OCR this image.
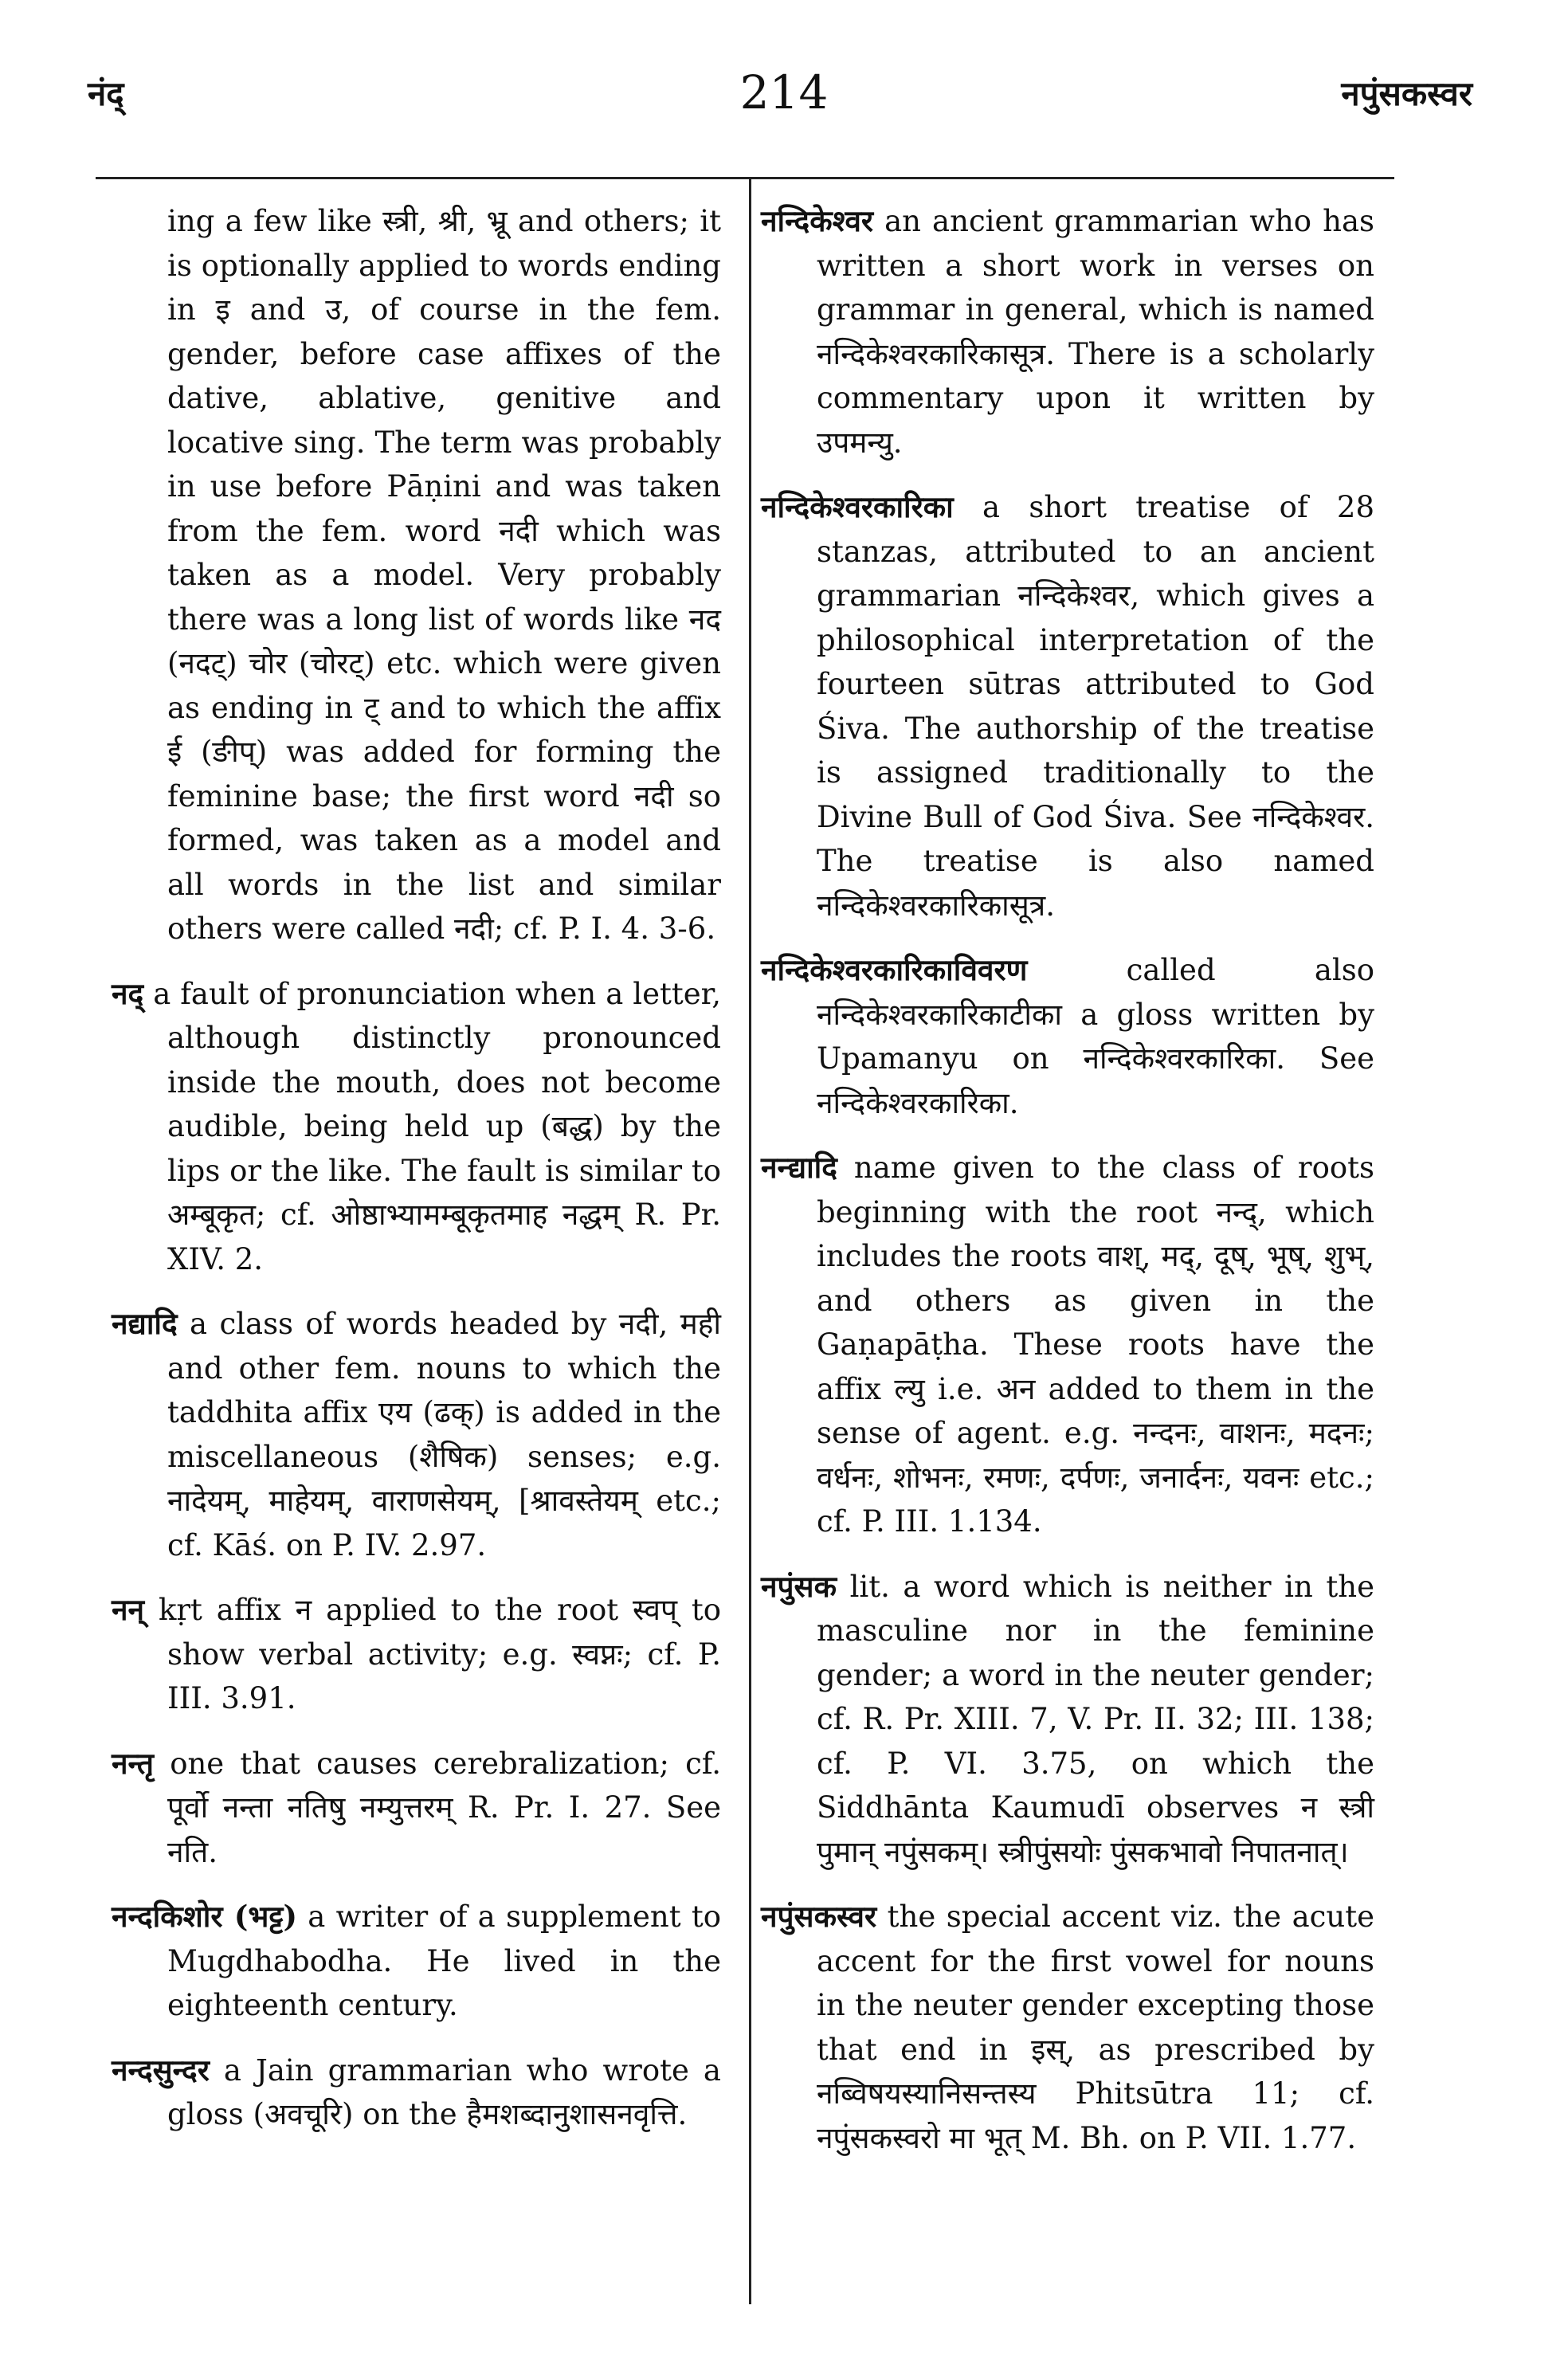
नंद्	214	नपुंसकस्वर

ing a few like स्त्री, श्री, भ्रू and others; it is optionally applied to words ending in इ and उ, of course in the fem. gender, before case affixes of the dative, ablative, genitive and locative sing. The term was probably in use before Pāṇini and was taken from the fem. word नदी which was taken as a model. Very probably there was a long list of words like नद (नदट्) चोर (चोरट्) etc. which were given as ending in ट् and to which the affix ई (ङीप्) was added for forming the feminine base; the first word नदी so formed, was taken as a model and all words in the list and similar others were called नदी; cf. P. I. 4. 3-6.

नद् a fault of pronunciation when a letter, although distinctly pronounced inside the mouth, does not become audible, being held up (बद्ध) by the lips or the like. The fault is similar to अम्बूकृत; cf. ओष्ठाभ्यामम्बूकृतमाह नद्धम् R. Pr. XIV. 2.

नद्यादि a class of words headed by नदी, मही and other fem. nouns to which the taddhita affix एय (ढक्) is added in the miscellaneous (शैषिक) senses; e.g. नादेयम्, माहेयम्, वाराणसेयम्, [श्रावस्तेयम् etc.; cf. Kāś. on P. IV. 2.97.

नन् kṛt affix न applied to the root स्वप् to show verbal activity; e.g. स्वप्नः; cf. P. III. 3.91.

नन्तृ one that causes cerebralization; cf. पूर्वो नन्ता नतिषु नम्युत्तरम् R. Pr. I. 27. See नति.

नन्दकिशोर (भट्ट) a writer of a supplement to Mugdhabodha. He lived in the eighteenth century.

नन्दसुन्दर a Jain grammarian who wrote a gloss (अवचूरि) on the हैमशब्दानुशासनवृत्ति.

नन्दिकेश्वर an ancient grammarian who has written a short work in verses on grammar in general, which is named नन्दिकेश्वरकारिकासूत्र. There is a scholarly commentary upon it written by उपमन्यु.

नन्दिकेश्वरकारिका a short treatise of 28 stanzas, attributed to an ancient grammarian नन्दिकेश्वर, which gives a philosophical interpretation of the fourteen sūtras attributed to God Śiva. The authorship of the treatise is assigned traditionally to the Divine Bull of God Śiva. See नन्दिकेश्वर. The treatise is also named नन्दिकेश्वरकारिकासूत्र.

नन्दिकेश्वरकारिकाविवरण	called also नन्दिकेश्वरकारिकाटीका a gloss written by Upamanyu on नन्दिकेश्वरकारिका. See नन्दिकेश्वरकारिका.

नन्द्यादि name given to the class of roots beginning with the root नन्द्, which includes the roots वाश्, मद्, दूष्, भूष्, शुभ्, and others as given in the Gaṇapāṭha. These roots have the affix ल्यु i.e. अन added to them in the sense of agent. e.g. नन्दनः, वाशनः, मदनः; वर्धनः, शोभनः, रमणः, दर्पणः, जनार्दनः, यवनः etc.; cf. P. III. 1.134.

नपुंसक lit. a word which is neither in the masculine nor in the feminine gender; a word in the neuter gender; cf. R. Pr. XIII. 7, V. Pr. II. 32; III. 138; cf. P. VI. 3.75, on which the Siddhānta Kaumudī observes न स्त्री पुमान् नपुंसकम्। स्त्रीपुंसयोः पुंसकभावो निपातनात्।

नपुंसकस्वर the special accent viz. the acute accent for the first vowel for nouns in the neuter gender excepting those that end in इस्, as prescribed by नब्विषयस्यानिसन्तस्य Phitsūtra 11; cf. नपुंसकस्वरो मा भूत् M. Bh. on P. VII. 1.77.
